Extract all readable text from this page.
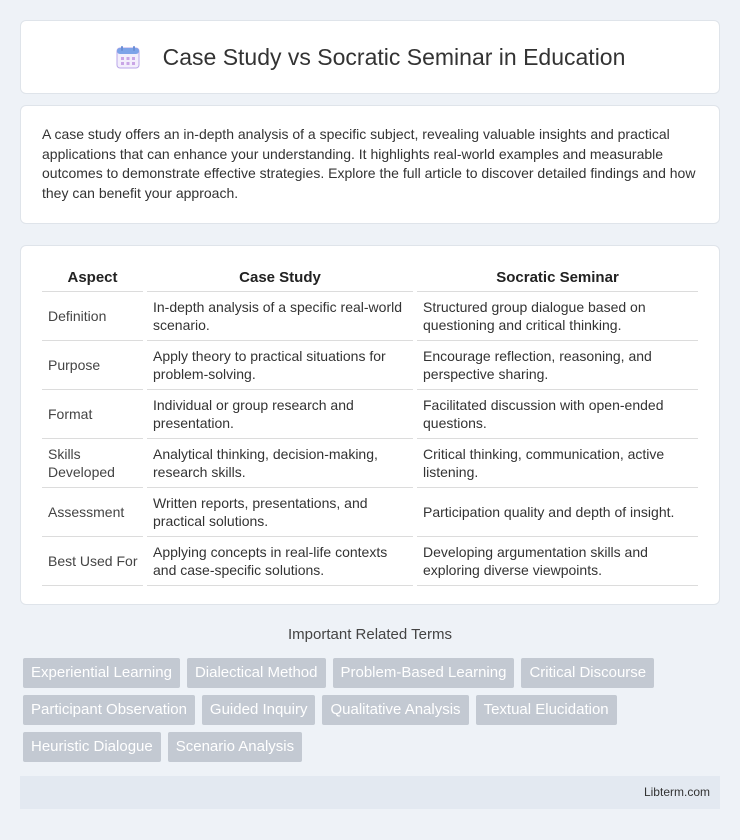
Case Study vs Socratic Seminar in Education

A case study offers an in-depth analysis of a specific subject, revealing valuable insights and practical applications that can enhance your understanding. It highlights real-world examples and measurable outcomes to demonstrate effective strategies. Explore the full article to discover detailed findings and how they can benefit your approach.

Aspect	Case Study	Socratic Seminar
Definition	In-depth analysis of a specific real-world scenario.	Structured group dialogue based on questioning and critical thinking.
Purpose	Apply theory to practical situations for problem-solving.	Encourage reflection, reasoning, and perspective sharing.
Format	Individual or group research and presentation.	Facilitated discussion with open-ended questions.
Skills Developed	Analytical thinking, decision-making, research skills.	Critical thinking, communication, active listening.
Assessment	Written reports, presentations, and practical solutions.	Participation quality and depth of insight.
Best Used For	Applying concepts in real-life contexts and case-specific solutions.	Developing argumentation skills and exploring diverse viewpoints.
Important Related Terms
Experiential Learning	Dialectical Method	Problem-Based Learning	Critical Discourse
Participant Observation	Guided Inquiry	Qualitative Analysis	Textual Elucidation
Heuristic Dialogue	Scenario Analysis
Libterm.com
